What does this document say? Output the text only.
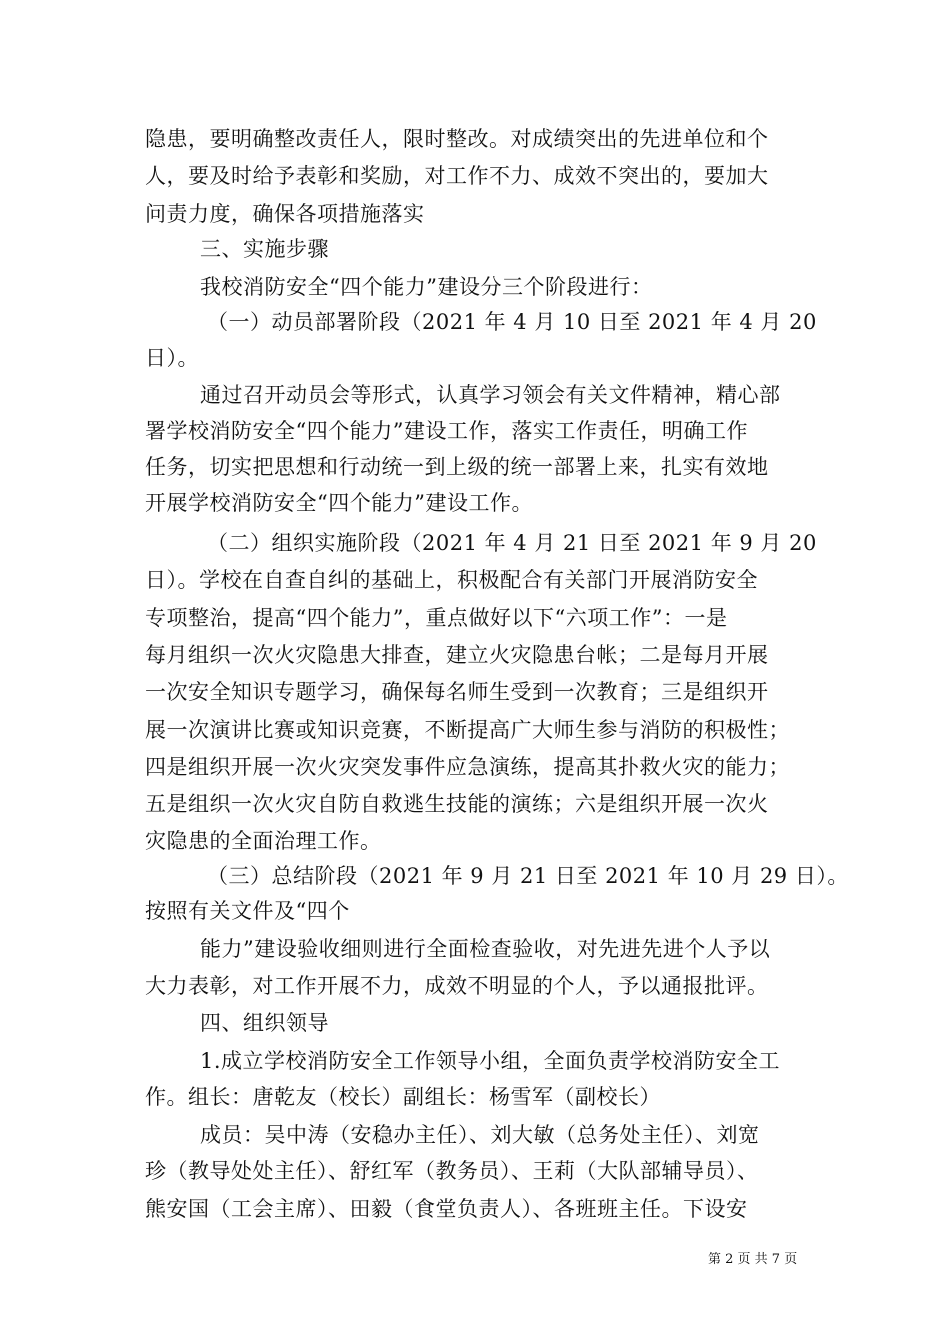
隐患，要明确整改责任人，限时整改。对成绩突出的先进单位和个
人，要及时给予表彰和奖励，对工作不力、成效不突出的，要加大
问责力度，确保各项措施落实
三、实施步骤
我校消防安全“四个能力”建设分三个阶段进行：
（一）动员部署阶段（2021 年 4 月 10 日至 2021 年 4 月 20
日）。
通过召开动员会等形式，认真学习领会有关文件精神，精心部
署学校消防安全“四个能力”建设工作，落实工作责任，明确工作
任务，切实把思想和行动统一到上级的统一部署上来，扎实有效地
开展学校消防安全“四个能力”建设工作。
（二）组织实施阶段（2021 年 4 月 21 日至 2021 年 9 月 20
日）。学校在自查自纠的基础上，积极配合有关部门开展消防安全
专项整治，提高“四个能力”，重点做好以下“六项工作”：一是
每月组织一次火灾隐患大排查，建立火灾隐患台帐；二是每月开展
一次安全知识专题学习，确保每名师生受到一次教育；三是组织开
展一次演讲比赛或知识竞赛，不断提高广大师生参与消防的积极性；
四是组织开展一次火灾突发事件应急演练，提高其扑救火灾的能力；
五是组织一次火灾自防自救逃生技能的演练；六是组织开展一次火
灾隐患的全面治理工作。
（三）总结阶段（2021 年 9 月 21 日至 2021 年 10 月 29 日）。
按照有关文件及“四个
能力”建设验收细则进行全面检查验收，对先进先进个人予以
大力表彰，对工作开展不力，成效不明显的个人，予以通报批评。
四、组织领导
1.成立学校消防安全工作领导小组，全面负责学校消防安全工
作。组长：唐乾友（校长）副组长：杨雪军（副校长）
成员：吴中涛（安稳办主任）、刘大敏（总务处主任）、刘宽
珍（教导处处主任）、舒红军（教务员）、王莉（大队部辅导员）、
熊安国（工会主席）、田毅（食堂负责人）、各班班主任。下设安
第 2 页 共 7 页
